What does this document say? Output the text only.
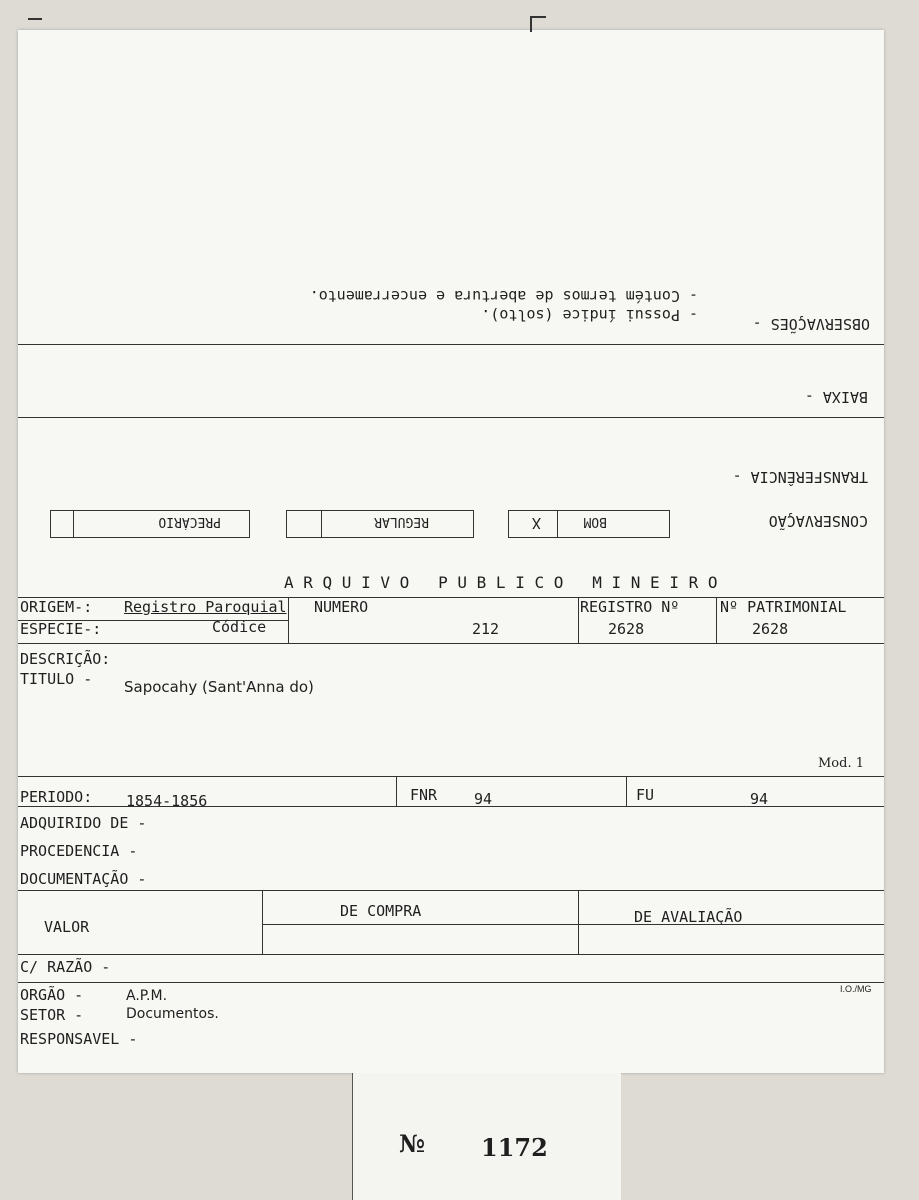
OBSERVAÇÕES -
- Possui índice (solto).
- Contém termos de abertura e encerramento.
BAIXA -
TRANSFERÊNCIA -
CONSERVAÇÃO
BOM
X
REGULAR
PRECÁRIO
A R Q U I V O   P U B L I C O   M I N E I R O
ORIGEM-: Registro Paroquial NUMERO	REGISTRO Nº	Nº PATRIMONIAL
ESPECIE-:	Códice	212	2628	2628
DESCRIÇÃO:
TITULO - Sapocahy (Sant'Anna do)
Mod. 1
PERIODO: 1854-1856	FNR 94	FU	94
ADQUIRIDO DE -
PROCEDENCIA -
DOCUMENTAÇÃO -
VALOR
DE COMPRA	DE AVALIAÇÃO
C/ RAZÃO -
ORGÃO -	A.P.M.	I.O./MG
SETOR -	Documentos.
RESPONSAVEL -
№ 1172
